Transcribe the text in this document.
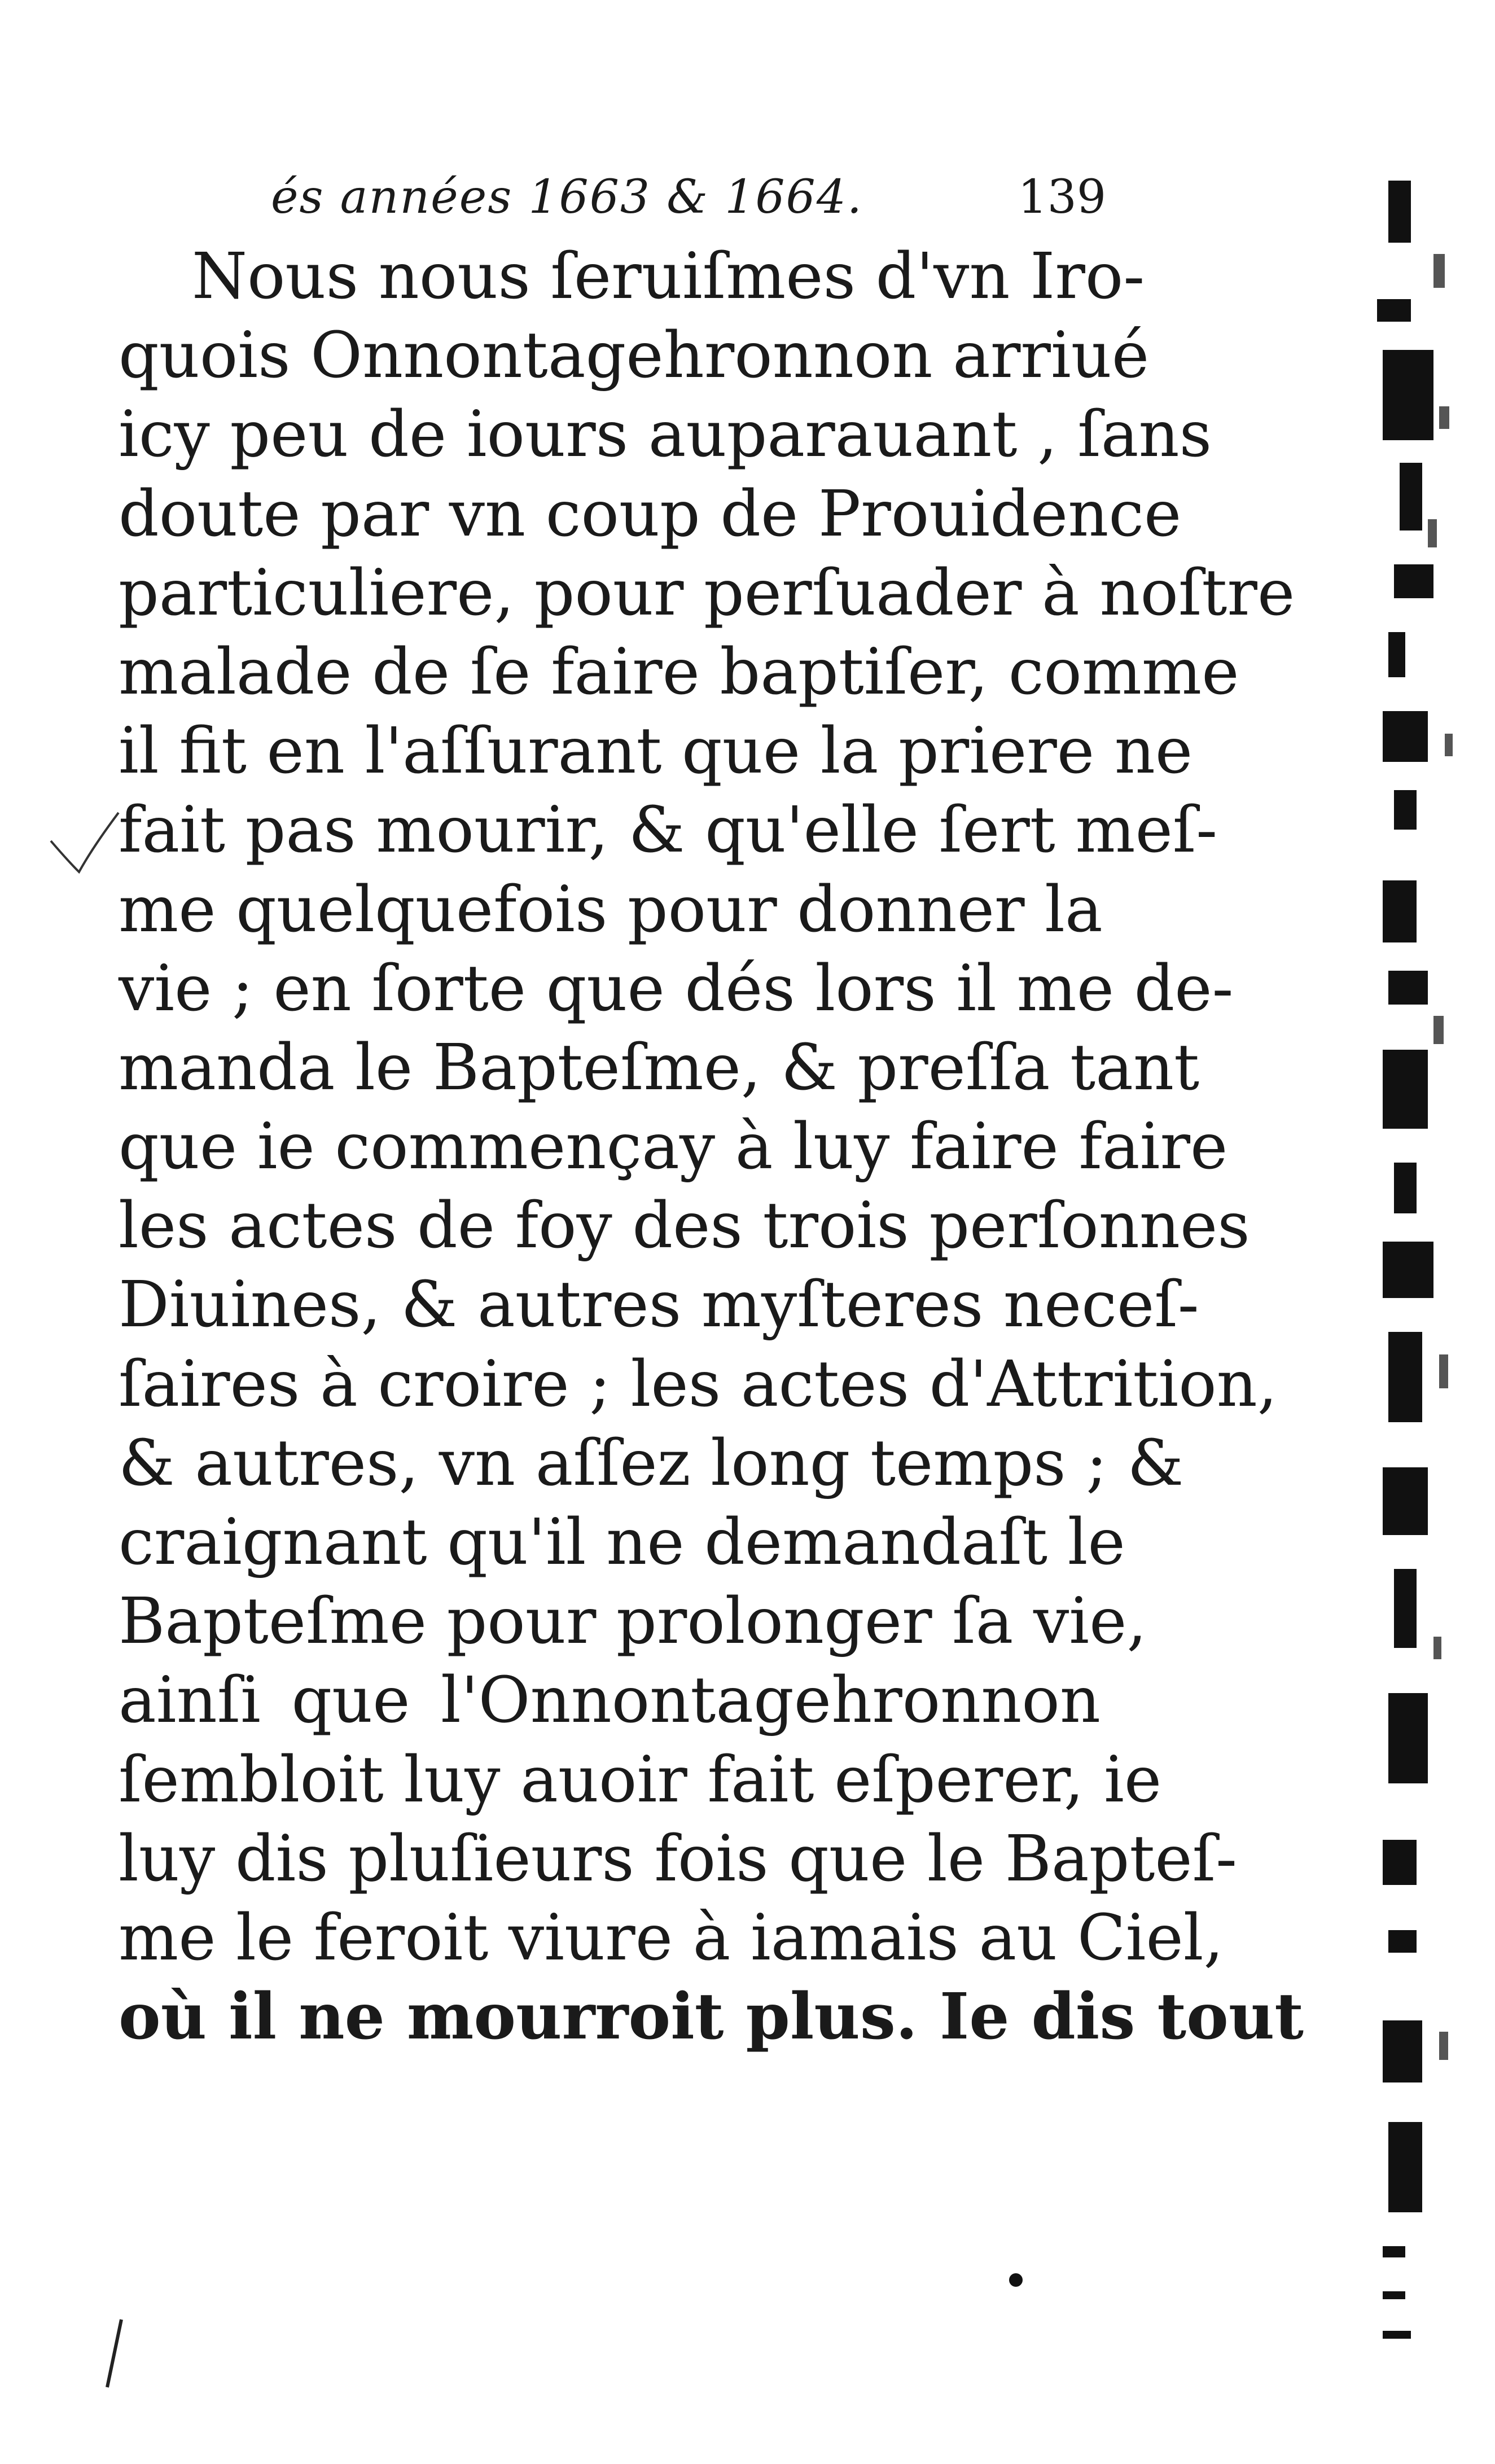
és années 1663 & 1664.	139
Nous nous ſeruiſmes d'vn Iro-
quois Onnontagehronnon arriué
icy peu de iours auparauant , ſans
doute par vn coup de Prouidence
particuliere, pour perſuader à noſtre
malade de ſe faire baptiſer, comme
il fit en l'aſſurant que la priere ne
fait pas mourir, & qu'elle ſert meſ-
me quelquefois pour donner la
vie ; en ſorte que dés lors il me de-
manda le Bapteſme, & preſſa tant
que ie commençay à luy faire faire
les actes de foy des trois perſonnes
Diuines, & autres myſteres neceſ-
ſaires à croire ; les actes d'Attrition,
& autres, vn aſſez long temps ; &
craignant qu'il ne demandaſt le
Bapteſme pour prolonger ſa vie,
ainſi que l'Onnontagehronnon
ſembloit luy auoir fait eſperer, ie
luy dis pluſieurs fois que le Bapteſ-
me le feroit viure à iamais au Ciel,
où il ne mourroit plus. Ie dis tout
